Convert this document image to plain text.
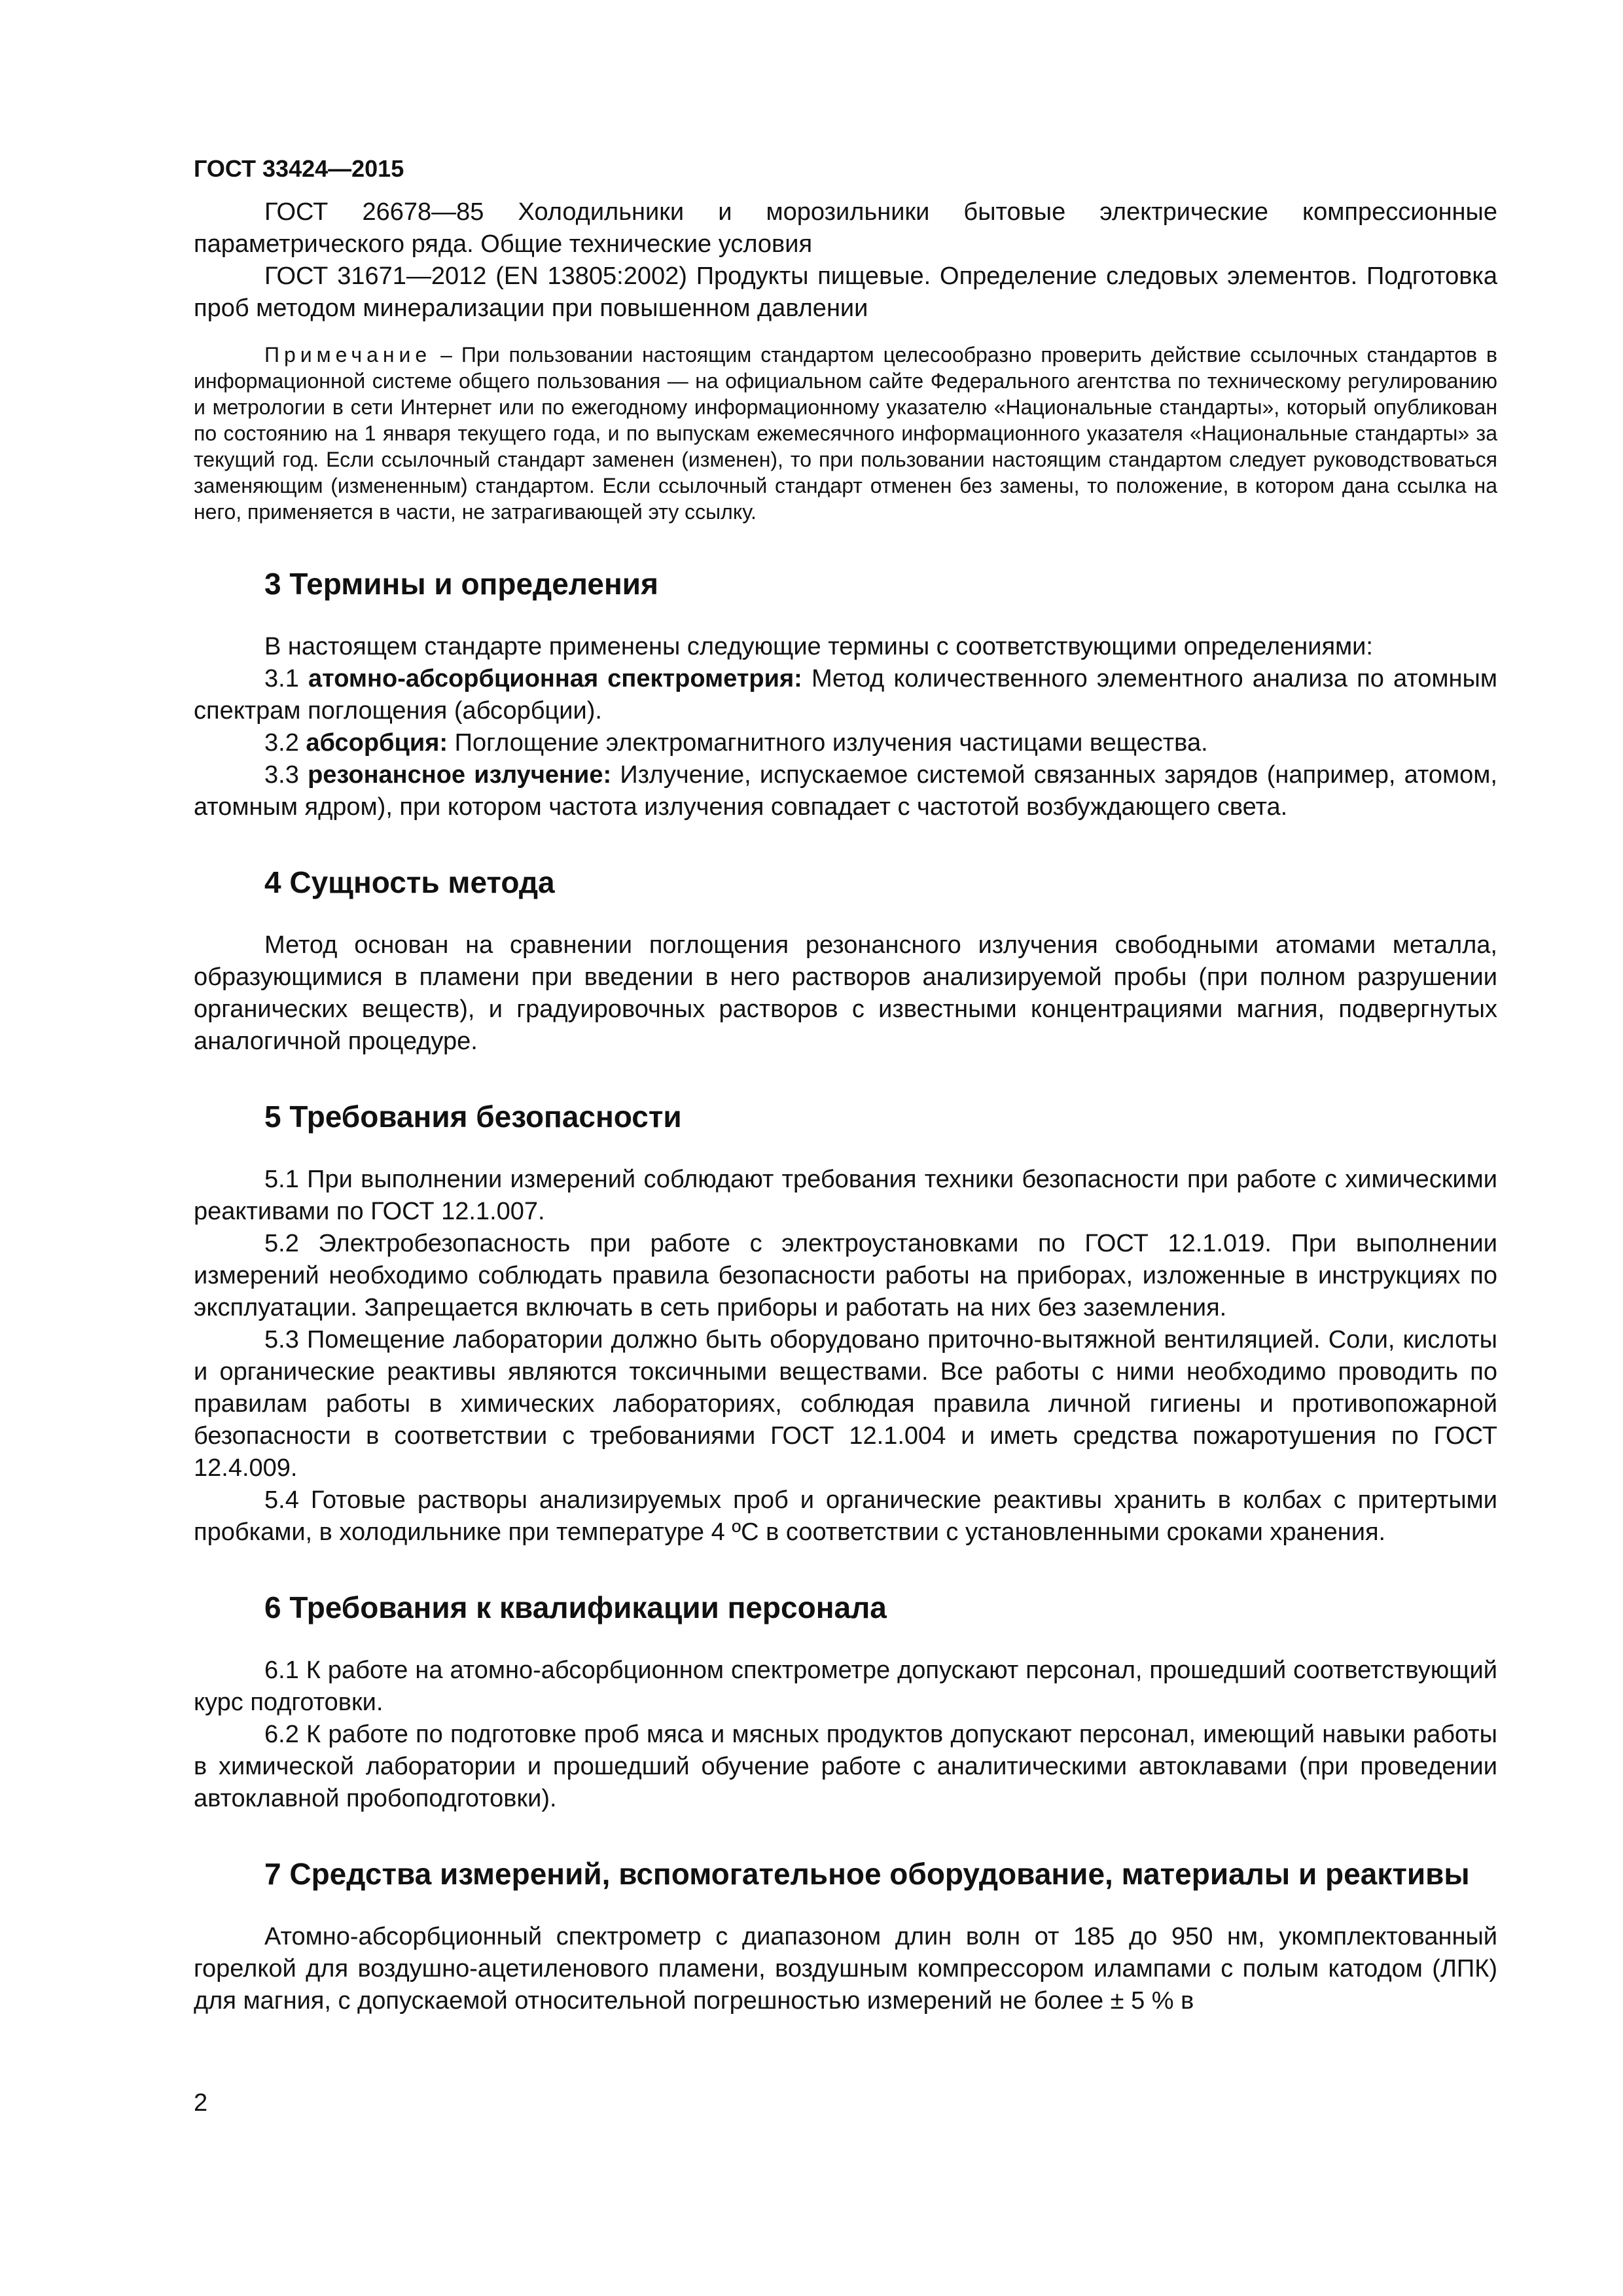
ГОСТ 33424—2015

ГОСТ 26678—85 Холодильники и морозильники бытовые электрические компрессионные параметрического ряда. Общие технические условия

ГОСТ 31671—2012 (EN 13805:2002) Продукты пищевые. Определение следовых элементов. Подготовка проб методом минерализации при повышенном давлении

Примечание – При пользовании настоящим стандартом целесообразно проверить действие ссылочных стандартов в информационной системе общего пользования — на официальном сайте Федерального агентства по техническому регулированию и метрологии в сети Интернет или по ежегодному информационному указателю «Национальные стандарты», который опубликован по состоянию на 1 января текущего года, и по выпускам ежемесячного информационного указателя «Национальные стандарты» за текущий год. Если ссылочный стандарт заменен (изменен), то при пользовании настоящим стандартом следует руководствоваться заменяющим (измененным) стандартом. Если ссылочный стандарт отменен без замены, то положение, в котором дана ссылка на него, применяется в части, не затрагивающей эту ссылку.

3 Термины и определения

В настоящем стандарте применены следующие термины с соответствующими определениями:

3.1 атомно-абсорбционная спектрометрия: Метод количественного элементного анализа по атомным спектрам поглощения (абсорбции).

3.2 абсорбция: Поглощение электромагнитного излучения частицами вещества.

3.3 резонансное излучение: Излучение, испускаемое системой связанных зарядов (например, атомом, атомным ядром), при котором частота излучения совпадает с частотой возбуждающего света.

4 Сущность метода

Метод основан на сравнении поглощения резонансного излучения свободными атомами металла, образующимися в пламени при введении в него растворов анализируемой пробы (при полном разрушении органических веществ), и градуировочных растворов с известными концентрациями магния, подвергнутых аналогичной процедуре.

5 Требования безопасности

5.1 При выполнении измерений соблюдают требования техники безопасности при работе с химическими реактивами по ГОСТ 12.1.007.

5.2 Электробезопасность при работе с электроустановками по ГОСТ 12.1.019. При выполнении измерений необходимо соблюдать правила безопасности работы на приборах, изложенные в инструкциях по эксплуатации. Запрещается включать в сеть приборы и работать на них без заземления.

5.3 Помещение лаборатории должно быть оборудовано приточно-вытяжной вентиляцией. Соли, кислоты и органические реактивы являются токсичными веществами. Все работы с ними необходимо проводить по правилам работы в химических лабораториях, соблюдая правила личной гигиены и противопожарной безопасности в соответствии с требованиями ГОСТ 12.1.004 и иметь средства пожаротушения по ГОСТ 12.4.009.

5.4 Готовые растворы анализируемых проб и органические реактивы хранить в колбах с притертыми пробками, в холодильнике при температуре 4 ºС в соответствии с установленными сроками хранения.

6 Требования к квалификации персонала

6.1 К работе на атомно-абсорбционном спектрометре допускают персонал, прошедший соответствующий курс подготовки.

6.2 К работе по подготовке проб мяса и мясных продуктов допускают персонал, имеющий навыки работы в химической лаборатории и прошедший обучение работе с аналитическими автоклавами (при проведении автоклавной пробоподготовки).

7 Средства измерений, вспомогательное оборудование, материалы и реактивы

Атомно-абсорбционный спектрометр с диапазоном длин волн от 185 до 950 нм, укомплектованный горелкой для воздушно-ацетиленового пламени, воздушным компрессором илампами с полым катодом (ЛПК) для магния, с допускаемой относительной погрешностью измерений не более ± 5 % в

2
